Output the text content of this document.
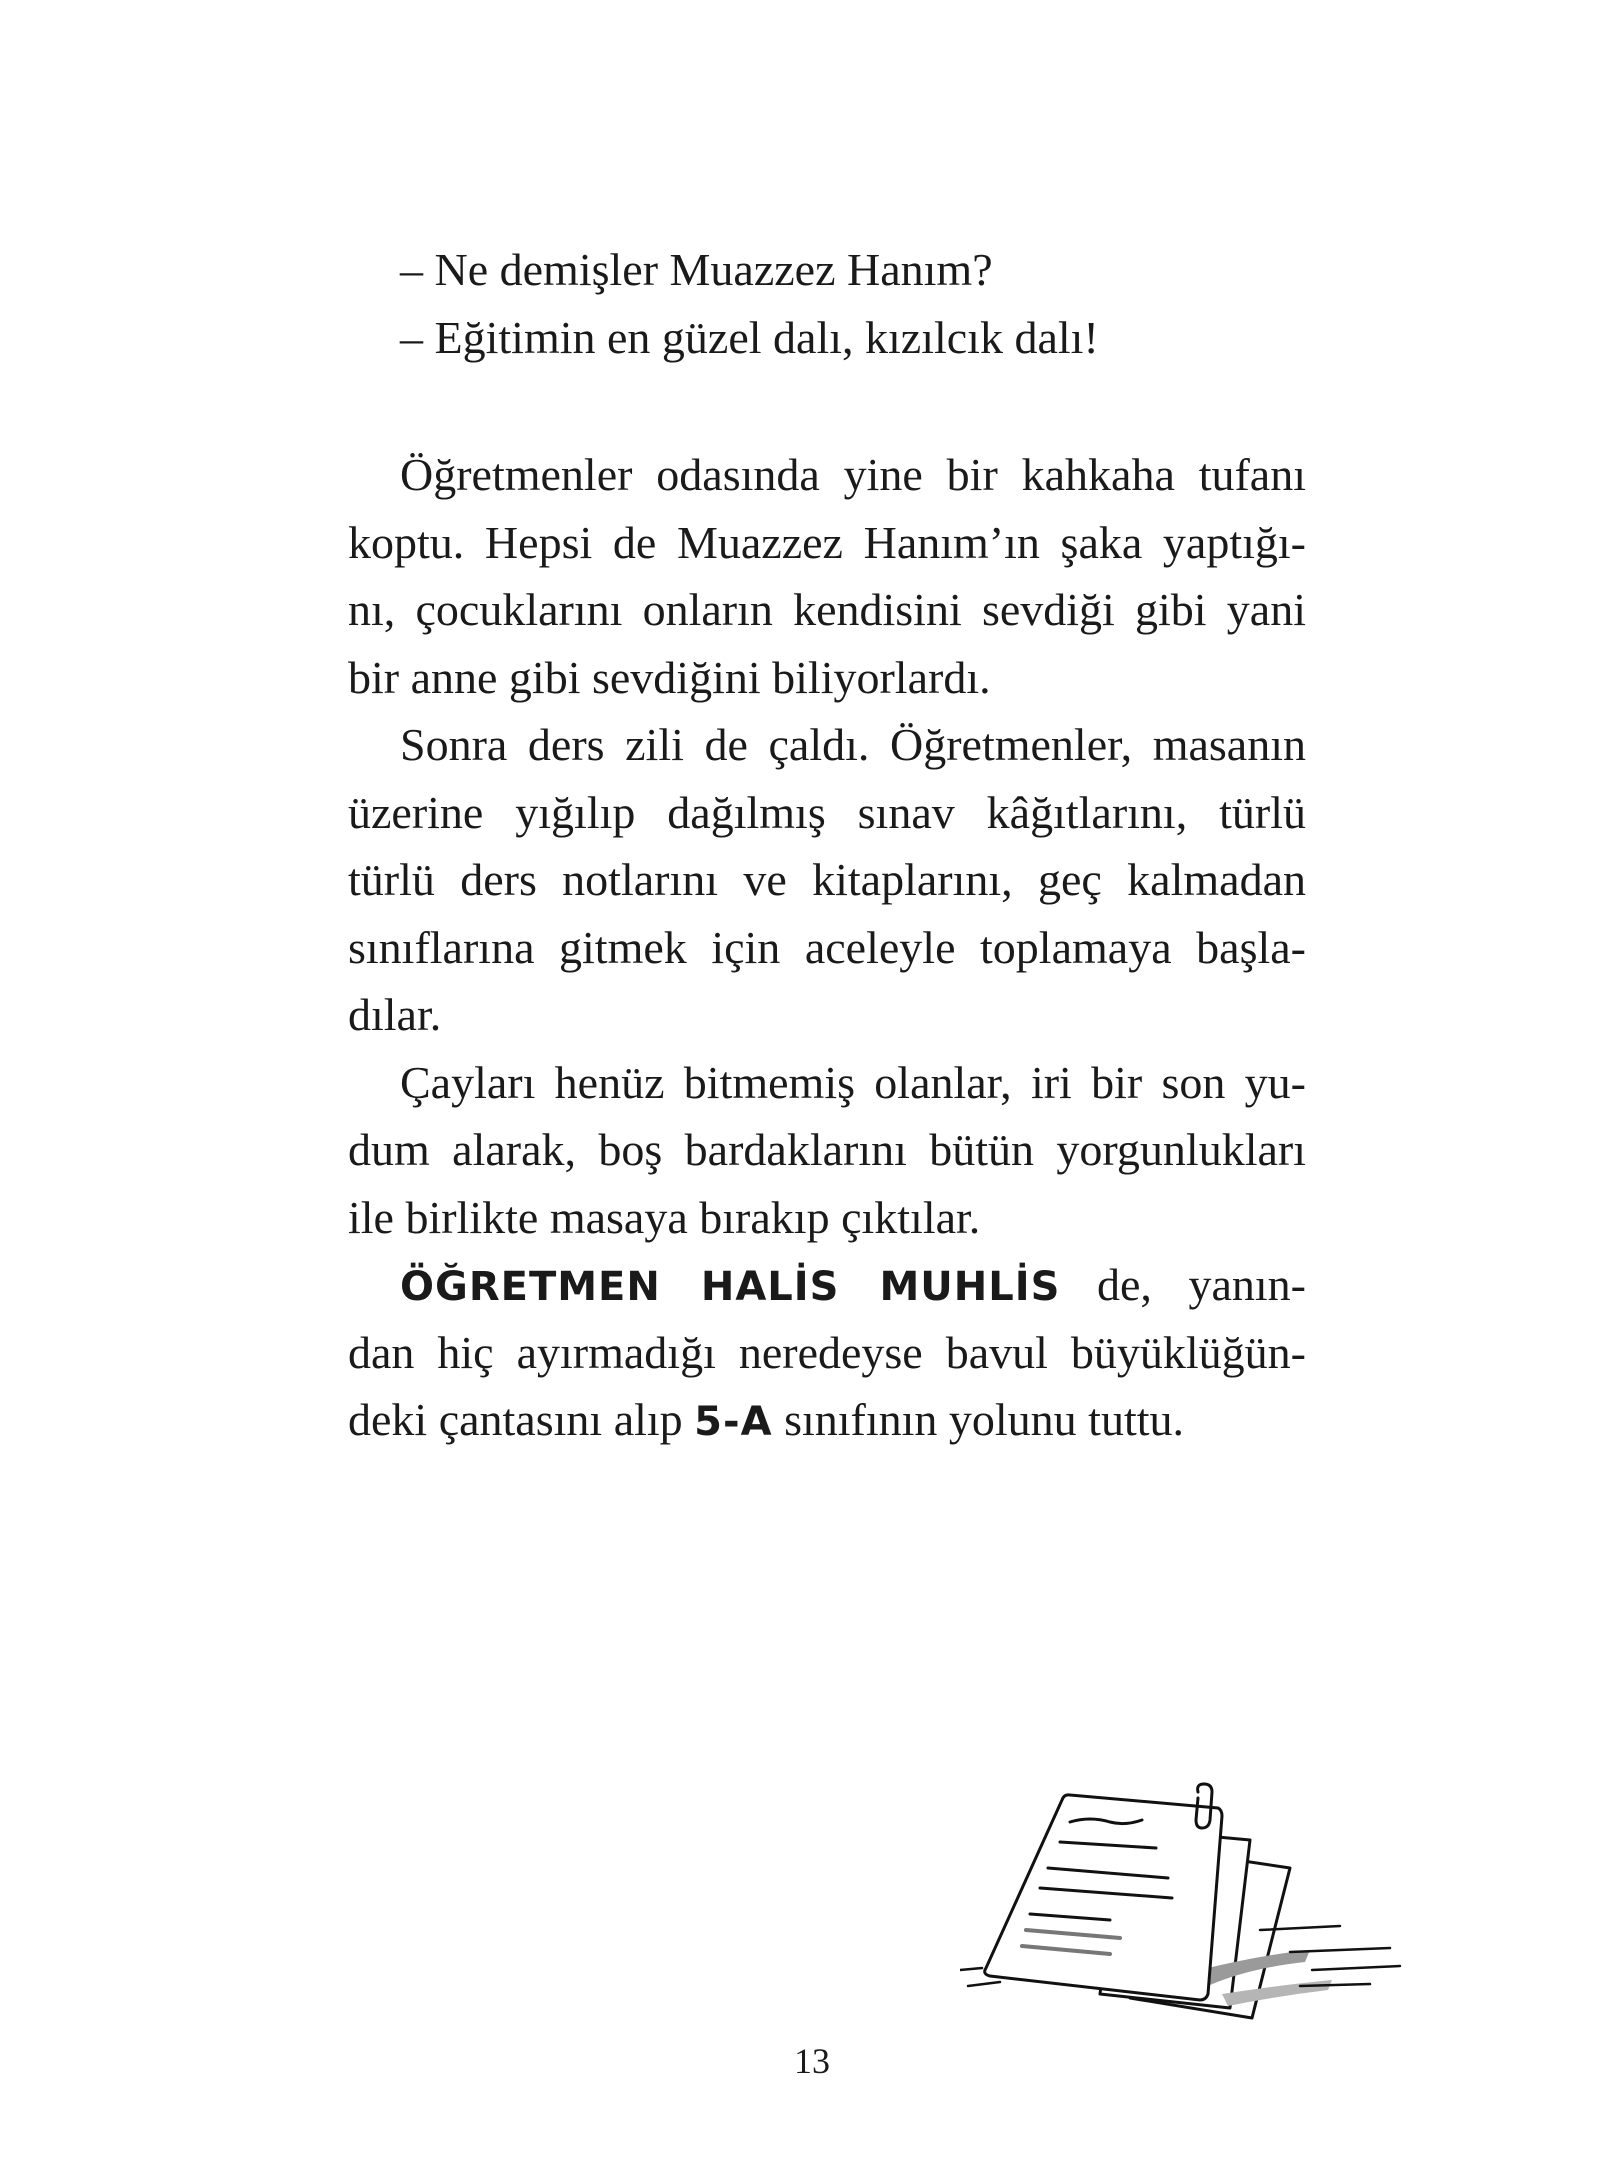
– Ne demişler Muazzez Hanım?
– Eğitimin en güzel dalı, kızılcık dalı!
Öğretmenler odasında yine bir kahkaha tufanı
koptu. Hepsi de Muazzez Hanım’ın şaka yaptığı-
nı, çocuklarını onların kendisini sevdiği gibi yani
bir anne gibi sevdiğini biliyorlardı.
Sonra ders zili de çaldı. Öğretmenler, masanın
üzerine yığılıp dağılmış sınav kâğıtlarını, türlü
türlü ders notlarını ve kitaplarını, geç kalmadan
sınıflarına gitmek için aceleyle toplamaya başla-
dılar.
Çayları henüz bitmemiş olanlar, iri bir son yu-
dum alarak, boş bardaklarını bütün yorgunlukları
ile birlikte masaya bırakıp çıktılar.
ÖĞRETMEN HALİS MUHLİS de, yanın-
dan hiç ayırmadığı neredeyse bavul büyüklüğün-
deki çantasını alıp 5-A sınıfının yolunu tuttu.
13
